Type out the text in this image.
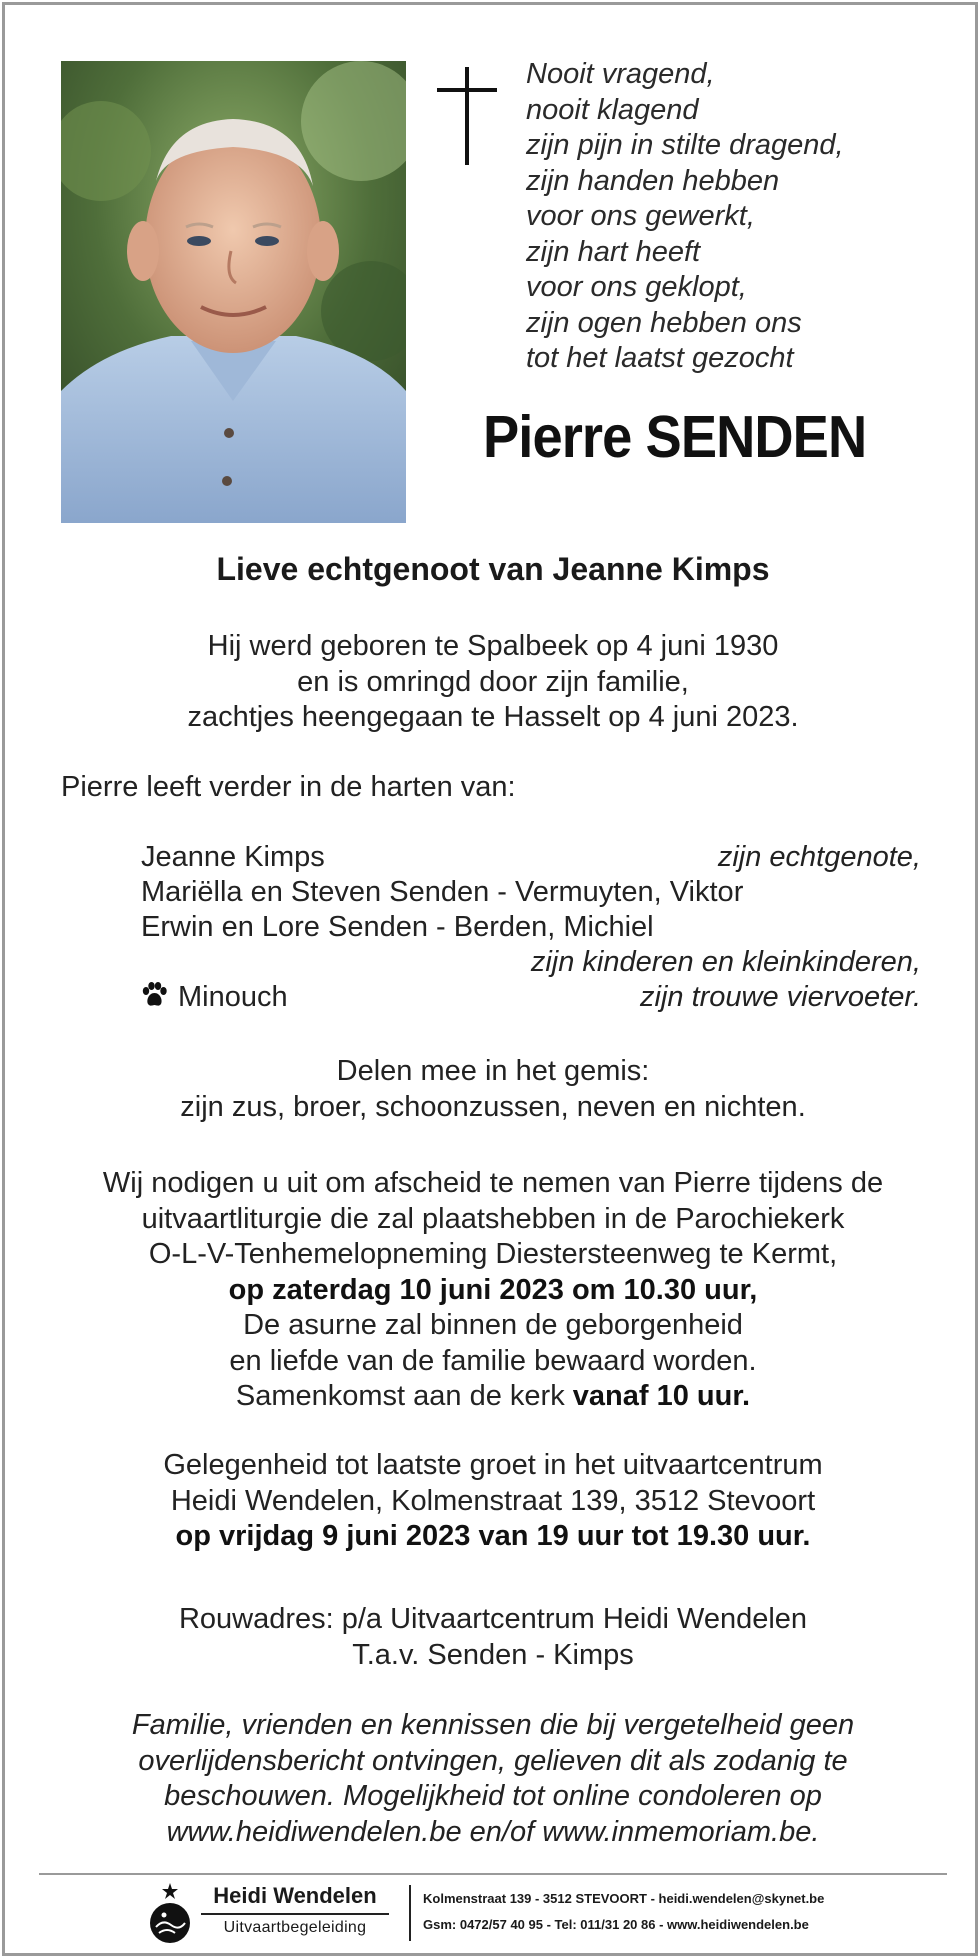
Nooit vragend,
nooit klagend
zijn pijn in stilte dragend,
zijn handen hebben
voor ons gewerkt,
zijn hart heeft
voor ons geklopt,
zijn ogen hebben ons
tot het laatst gezocht
Pierre SENDEN
Lieve echtgenoot van Jeanne Kimps
Hij werd geboren te Spalbeek op 4 juni 1930
en is omringd door zijn familie,
zachtjes heengegaan te Hasselt op 4 juni 2023.
Pierre leeft verder in de harten van:
Jeanne Kimps	zijn echtgenote,
Mariëlla en Steven Senden - Vermuyten, Viktor
Erwin en Lore Senden - Berden, Michiel
zijn kinderen en kleinkinderen,
Minouch	zijn trouwe viervoeter.
Delen mee in het gemis:
zijn zus, broer, schoonzussen, neven en nichten.
Wij nodigen u uit om afscheid te nemen van Pierre tijdens de
uitvaartliturgie die zal plaatshebben in de Parochiekerk
O-L-V-Tenhemelopneming Diestersteenweg te Kermt,
op zaterdag 10 juni 2023 om 10.30 uur,
De asurne zal binnen de geborgenheid
en liefde van de familie bewaard worden.
Samenkomst aan de kerk vanaf 10 uur.
Gelegenheid tot laatste groet in het uitvaartcentrum
Heidi Wendelen, Kolmenstraat 139, 3512 Stevoort
op vrijdag 9 juni 2023 van 19 uur tot 19.30 uur.
Rouwadres: p/a Uitvaartcentrum Heidi Wendelen
T.a.v. Senden - Kimps
Familie, vrienden en kennissen die bij vergetelheid geen
overlijdensbericht ontvingen, gelieven dit als zodanig te
beschouwen. Mogelijkheid tot online condoleren op
www.heidiwendelen.be en/of www.inmemoriam.be.
Heidi Wendelen
Uitvaartbegeleiding
Kolmenstraat 139 - 3512 STEVOORT - heidi.wendelen@skynet.be
Gsm: 0472/57 40 95 - Tel: 011/31 20 86 - www.heidiwendelen.be
